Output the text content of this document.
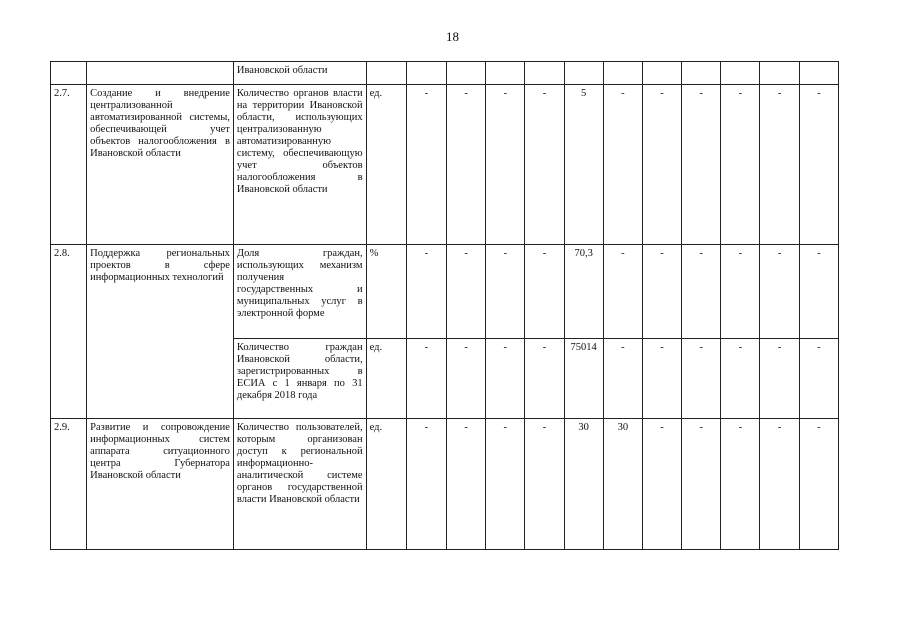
18
		Ивановской области												
2.7.	Создание и внедрение централизованной автоматизированной системы, обеспечивающей учет объектов налогообложения в Ивановской области	Количество органов власти на территории Ивановской области, использующих централизованную автоматизированную систему, обеспечивающую учет объектов налогообложения в Ивановской области	ед.	-	-	-	-	5	-	-	-	-	-	-
2.8.	Поддержка региональных проектов в сфере информационных технологий	Доля граждан, использующих механизм получения государственных и муниципальных услуг в электронной форме	%	-	-	-	-	70,3	-	-	-	-	-	-
		Количество граждан Ивановской области, зарегистрированных в ЕСИА с 1 января по 31 декабря 2018 года	ед.	-	-	-	-	75014	-	-	-	-	-	-
2.9.	Развитие и сопровождение информационных систем аппарата ситуационного центра Губернатора Ивановской области	Количество пользователей, которым организован доступ к региональной информационно-аналитической системе органов государственной власти Ивановской области	ед.	-	-	-	-	30	30	-	-	-	-	-
